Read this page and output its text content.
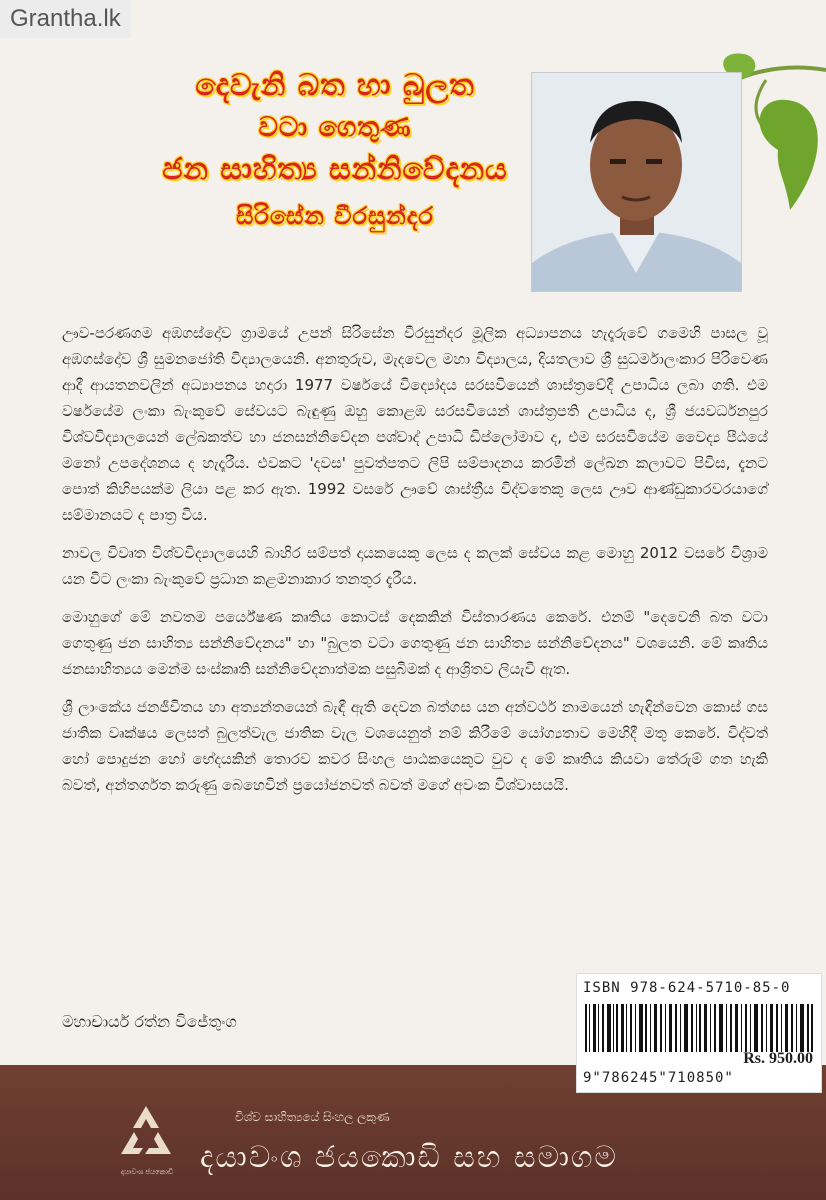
Grantha.lk
දෙවැනි බත හා බුලත
වටා ගෙතුණ
ජන සාහිත්‍ය සන්නිවේදනය
සිරිසේන වීරසුන්දර

ඌව-පරණගම අඹගස්දෝව ග්‍රාමයේ උපන් සිරිසේන වීරසුන්දර මූලික අධ්‍යාපනය හැදෑරුවේ ගමෙහි පාසල වූ අඹගස්දෝව ශ්‍රී සුමනජෝති විද්‍යාලයෙනි. අනතුරුව, මැදවෙල මහා විද්‍යාලය, දියතලාව ශ්‍රී සුධර්මාලංකාර පිරිවෙණ ආදී ආයතනවලින් අධ්‍යාපනය හදාරා 1977 වර්ෂයේ විද්‍යෝදය සරසවියෙන් ශාස්ත්‍රවේදී උපාධිය ලබා ගති. එම වර්ෂයේම ලංකා බැංකුවේ සේවයට බැඳුණු ඔහු කොළඹ සරසවියෙන් ශාස්ත්‍රපති උපාධිය ද, ශ්‍රී ජයවර්ධනපුර විශ්වවිද්‍යාලයෙන් ලේඛකත්ව හා ජනසන්නිවේදන පශ්චාද් උපාධි ඩිප්ලෝමාව ද, එම සරසවියේම වෛද්‍ය පීඨයේ මනෝ උපදේශනය ද හැදෑරීය. එවකට 'දවස' පුවත්පතට ලිපි සම්පාදනය කරමින් ලේඛන කලාවට පිවිස, දැනට පොත් කිහිපයක්ම ලියා පළ කර ඇත. 1992 වසරේ ඌවේ ශාස්ත්‍රීය විද්වතෙකු ලෙස ඌව ආණ්ඩුකාරවරයාගේ සම්මානයට ද පාත්‍ර විය.

නාවල විවෘත විශ්වවිද්‍යාලයෙහි බාහිර සම්පත් දායකයෙකු ලෙස ද කලක් සේවය කළ මොහු 2012 වසරේ විශ්‍රාම යන විට ලංකා බැංකුවේ ප්‍රධාන කළමනාකාර තනතුර දැරීය.

මොහුගේ මේ නවතම පර්යේෂණ කෘතිය කොටස් දෙකකින් විස්තාරණය කෙරේ. එනම් "දෙවෙනි බත වටා ගෙතුණු ජන සාහිත්‍ය සන්නිවේදනය" හා "බුලත වටා ගෙතුණු ජන සාහිත්‍ය සන්නිවේදනය" වශයෙනි. මේ කෘතිය ජනසාහිත්‍යය මෙන්ම සංස්කෘති සන්නිවේදනාත්මක පසුබිමක් ද ආශ්‍රිතව ලියැවී ඇත.

ශ්‍රී ලාංකේය ජනජීවිතය හා අත්‍යන්තයෙන් බැඳී ඇති දෙවන බත්ගස යන අන්වර්ථ නාමයෙන් හැඳින්වෙන කොස් ගස ජාතික වෘක්ෂය ලෙසත් බුලත්වැල ජාතික වැල වශයෙනුත් නම් කිරීමේ යෝග්‍යතාව මෙහිදී මතු කෙරේ. විද්වත් හෝ පොදුජන හෝ භේදයකින් තොරව කවර සිංහල පාඨකයෙකුට වුව ද මේ කෘතිය කියවා තේරුම් ගත හැකි බවත්, අන්තර්ගත කරුණු බෙහෙවින් ප්‍රයෝජනවත් බවත් මගේ අවංක විශ්වාසයයි.

මහාචාර්ය රත්න විජේතුංග
ISBN 978-624-5710-85-0
Rs. 950.00
9"786245"710850"
දයාවංශ ජයකොඩි
විශ්ව සාහිත්‍යයේ සිංහල ලකුණ
දයාවංශ ජයකොඩි සහ සමාගම
